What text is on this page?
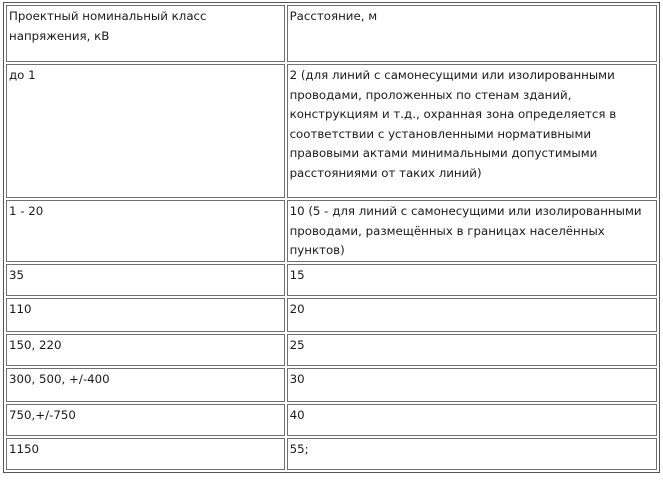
Проектный номинальный класс напряжения, кВ	Расстояние, м
до 1	2 (для линий с самонесущими или изолированными проводами, проложенных по стенам зданий, конструкциям и т.д., охранная зона определяется в соответствии с установленными нормативными правовыми актами минимальными допустимыми расстояниями от таких линий)
1 - 20	10 (5 - для линий с самонесущими или изолированными проводами, размещённых в границах населённых пунктов)
35	15
110	20
150, 220	25
300, 500, +/-400	30
750,+/-750	40
1150	55;
